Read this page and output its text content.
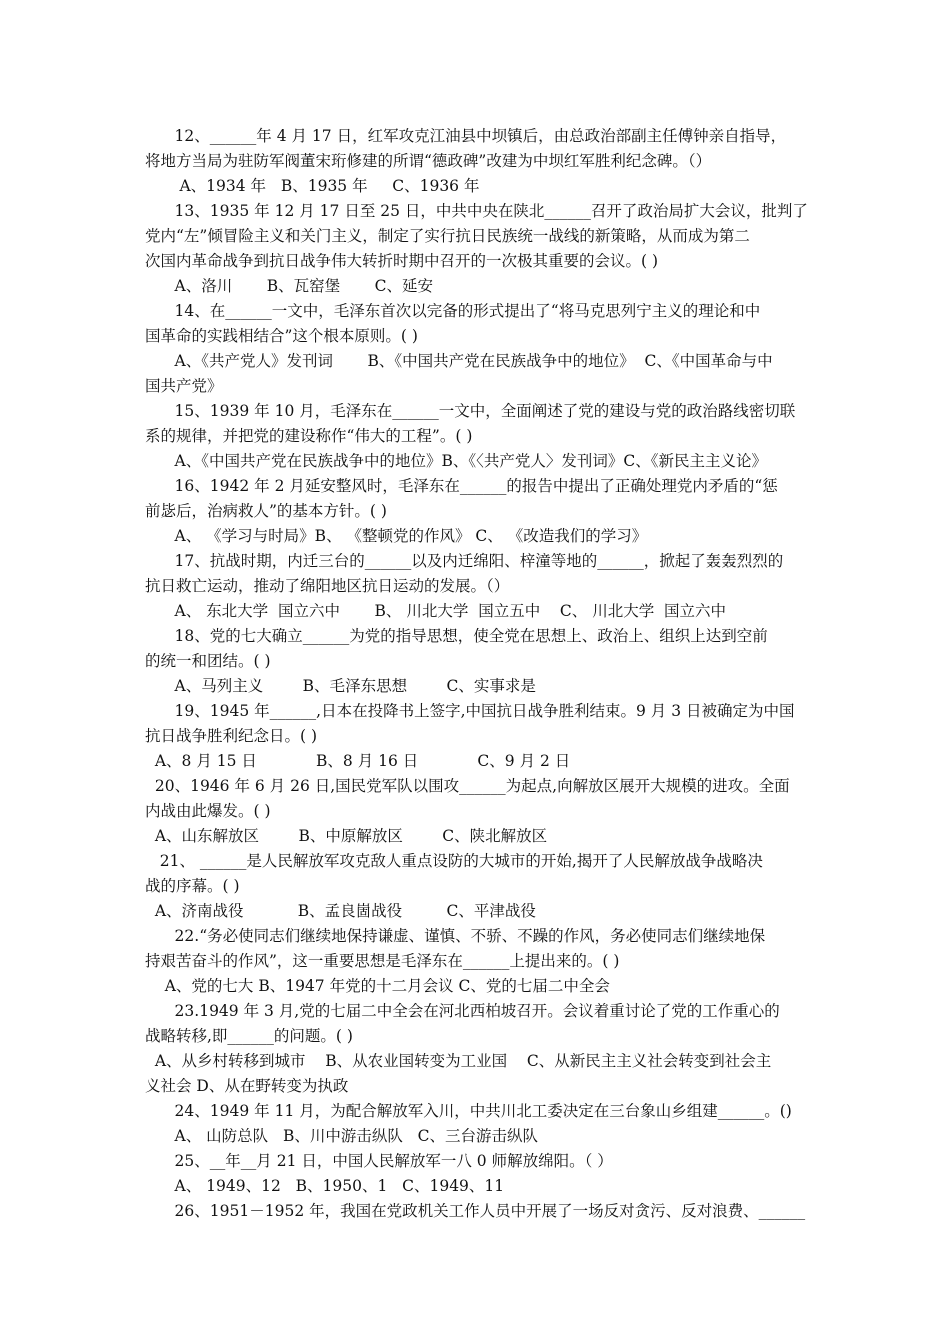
12、______年 4 月 17 日，红军攻克江油县中坝镇后，由总政治部副主任傅钟亲自指导，
将地方当局为驻防军阀董宋珩修建的所谓“德政碑”改建为中坝红军胜利纪念碑。（）
A、1934 年   B、1935 年     C、1936 年
13、1935 年 12 月 17 日至 25 日，中共中央在陕北______召开了政治局扩大会议，批判了
党内“左”倾冒险主义和关门主义，制定了实行抗日民族统一战线的新策略，从而成为第二
次国内革命战争到抗日战争伟大转折时期中召开的一次极其重要的会议。( )
A、洛川       B、瓦窑堡       C、延安
14、在______一文中，毛泽东首次以完备的形式提出了“将马克思列宁主义的理论和中
国革命的实践相结合”这个根本原则。( )
A、《共产党人》发刊词       B、《中国共产党在民族战争中的地位》  C、《中国革命与中
国共产党》
15、1939 年 10 月，毛泽东在______一文中，全面阐述了党的建设与党的政治路线密切联
系的规律，并把党的建设称作“伟大的工程”。( )
A、《中国共产党在民族战争中的地位》B、《〈共产党人〉发刊词》C、《新民主主义论》
16、1942 年 2 月延安整风时，毛泽东在______的报告中提出了正确处理党内矛盾的“惩
前毖后，治病救人”的基本方针。( )
A、 《学习与时局》B、 《整顿党的作风》 C、 《改造我们的学习》
17、抗战时期，内迁三台的______以及内迁绵阳、梓潼等地的______，掀起了轰轰烈烈的
抗日救亡运动，推动了绵阳地区抗日运动的发展。（）
A、 东北大学  国立六中       B、 川北大学  国立五中    C、 川北大学  国立六中
18、党的七大确立______为党的指导思想，使全党在思想上、政治上、组织上达到空前
的统一和团结。( )
A、马列主义        B、毛泽东思想        C、实事求是
19、1945 年______,日本在投降书上签字,中国抗日战争胜利结束。9 月 3 日被确定为中国
抗日战争胜利纪念日。( )
A、8 月 15 日            B、8 月 16 日            C、9 月 2 日
20、1946 年 6 月 26 日,国民党军队以围攻______为起点,向解放区展开大规模的进攻。全面
内战由此爆发。( )
A、山东解放区        B、中原解放区        C、陕北解放区
21、 ______是人民解放军攻克敌人重点设防的大城市的开始,揭开了人民解放战争战略决
战的序幕。( )
A、济南战役           B、孟良崮战役         C、平津战役
22.“务必使同志们继续地保持谦虚、谨慎、不骄、不躁的作风，务必使同志们继续地保
持艰苦奋斗的作风”，这一重要思想是毛泽东在______上提出来的。( )
A、党的七大 B、1947 年党的十二月会议 C、党的七届二中全会
23.1949 年 3 月,党的七届二中全会在河北西柏坡召开。会议着重讨论了党的工作重心的
战略转移,即______的问题。( )
A、从乡村转移到城市    B、从农业国转变为工业国    C、从新民主主义社会转变到社会主
义社会 D、从在野转变为执政
24、1949 年 11 月，为配合解放军入川，中共川北工委决定在三台象山乡组建______。()
A、 山防总队   B、川中游击纵队   C、三台游击纵队
25、__年__月 21 日，中国人民解放军一八 0 师解放绵阳。（ ）
A、 1949、12   B、1950、1   C、1949、11
26、1951－1952 年，我国在党政机关工作人员中开展了一场反对贪污、反对浪费、______
